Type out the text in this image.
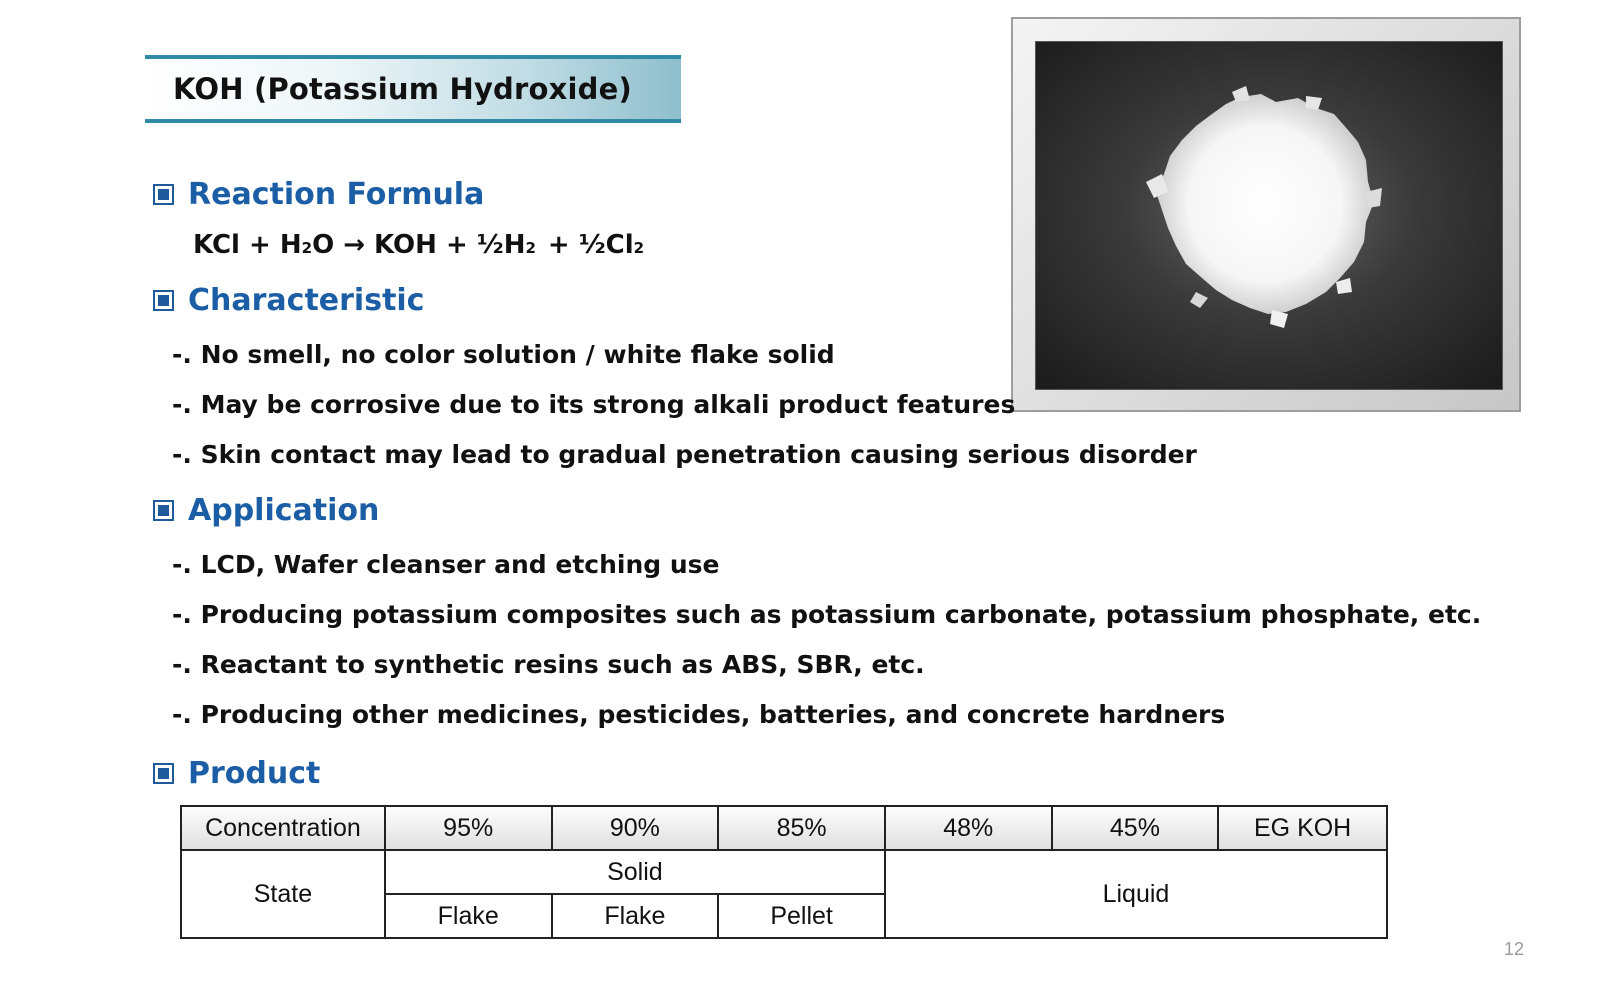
KOH (Potassium Hydroxide)
Reaction Formula
KCl + H 2 O → KOH + ½H 2 + ½Cl 2
Characteristic
-. No smell, no color solution / white flake solid
-. May be corrosive due to its strong alkali product features
-. Skin contact may lead to gradual penetration causing serious disorder
Application
-. LCD, Wafer cleanser and etching use
-. Producing potassium composites such as potassium carbonate, potassium phosphate, etc.
-. Reactant to synthetic resins such as ABS, SBR, etc.
-. Producing other medicines, pesticides, batteries, and concrete hardners
Product
Concentration	95%	90%	85%	48%	45%	EG KOH
State	Solid			Liquid		
	Flake	Flake	Pellet			
12
